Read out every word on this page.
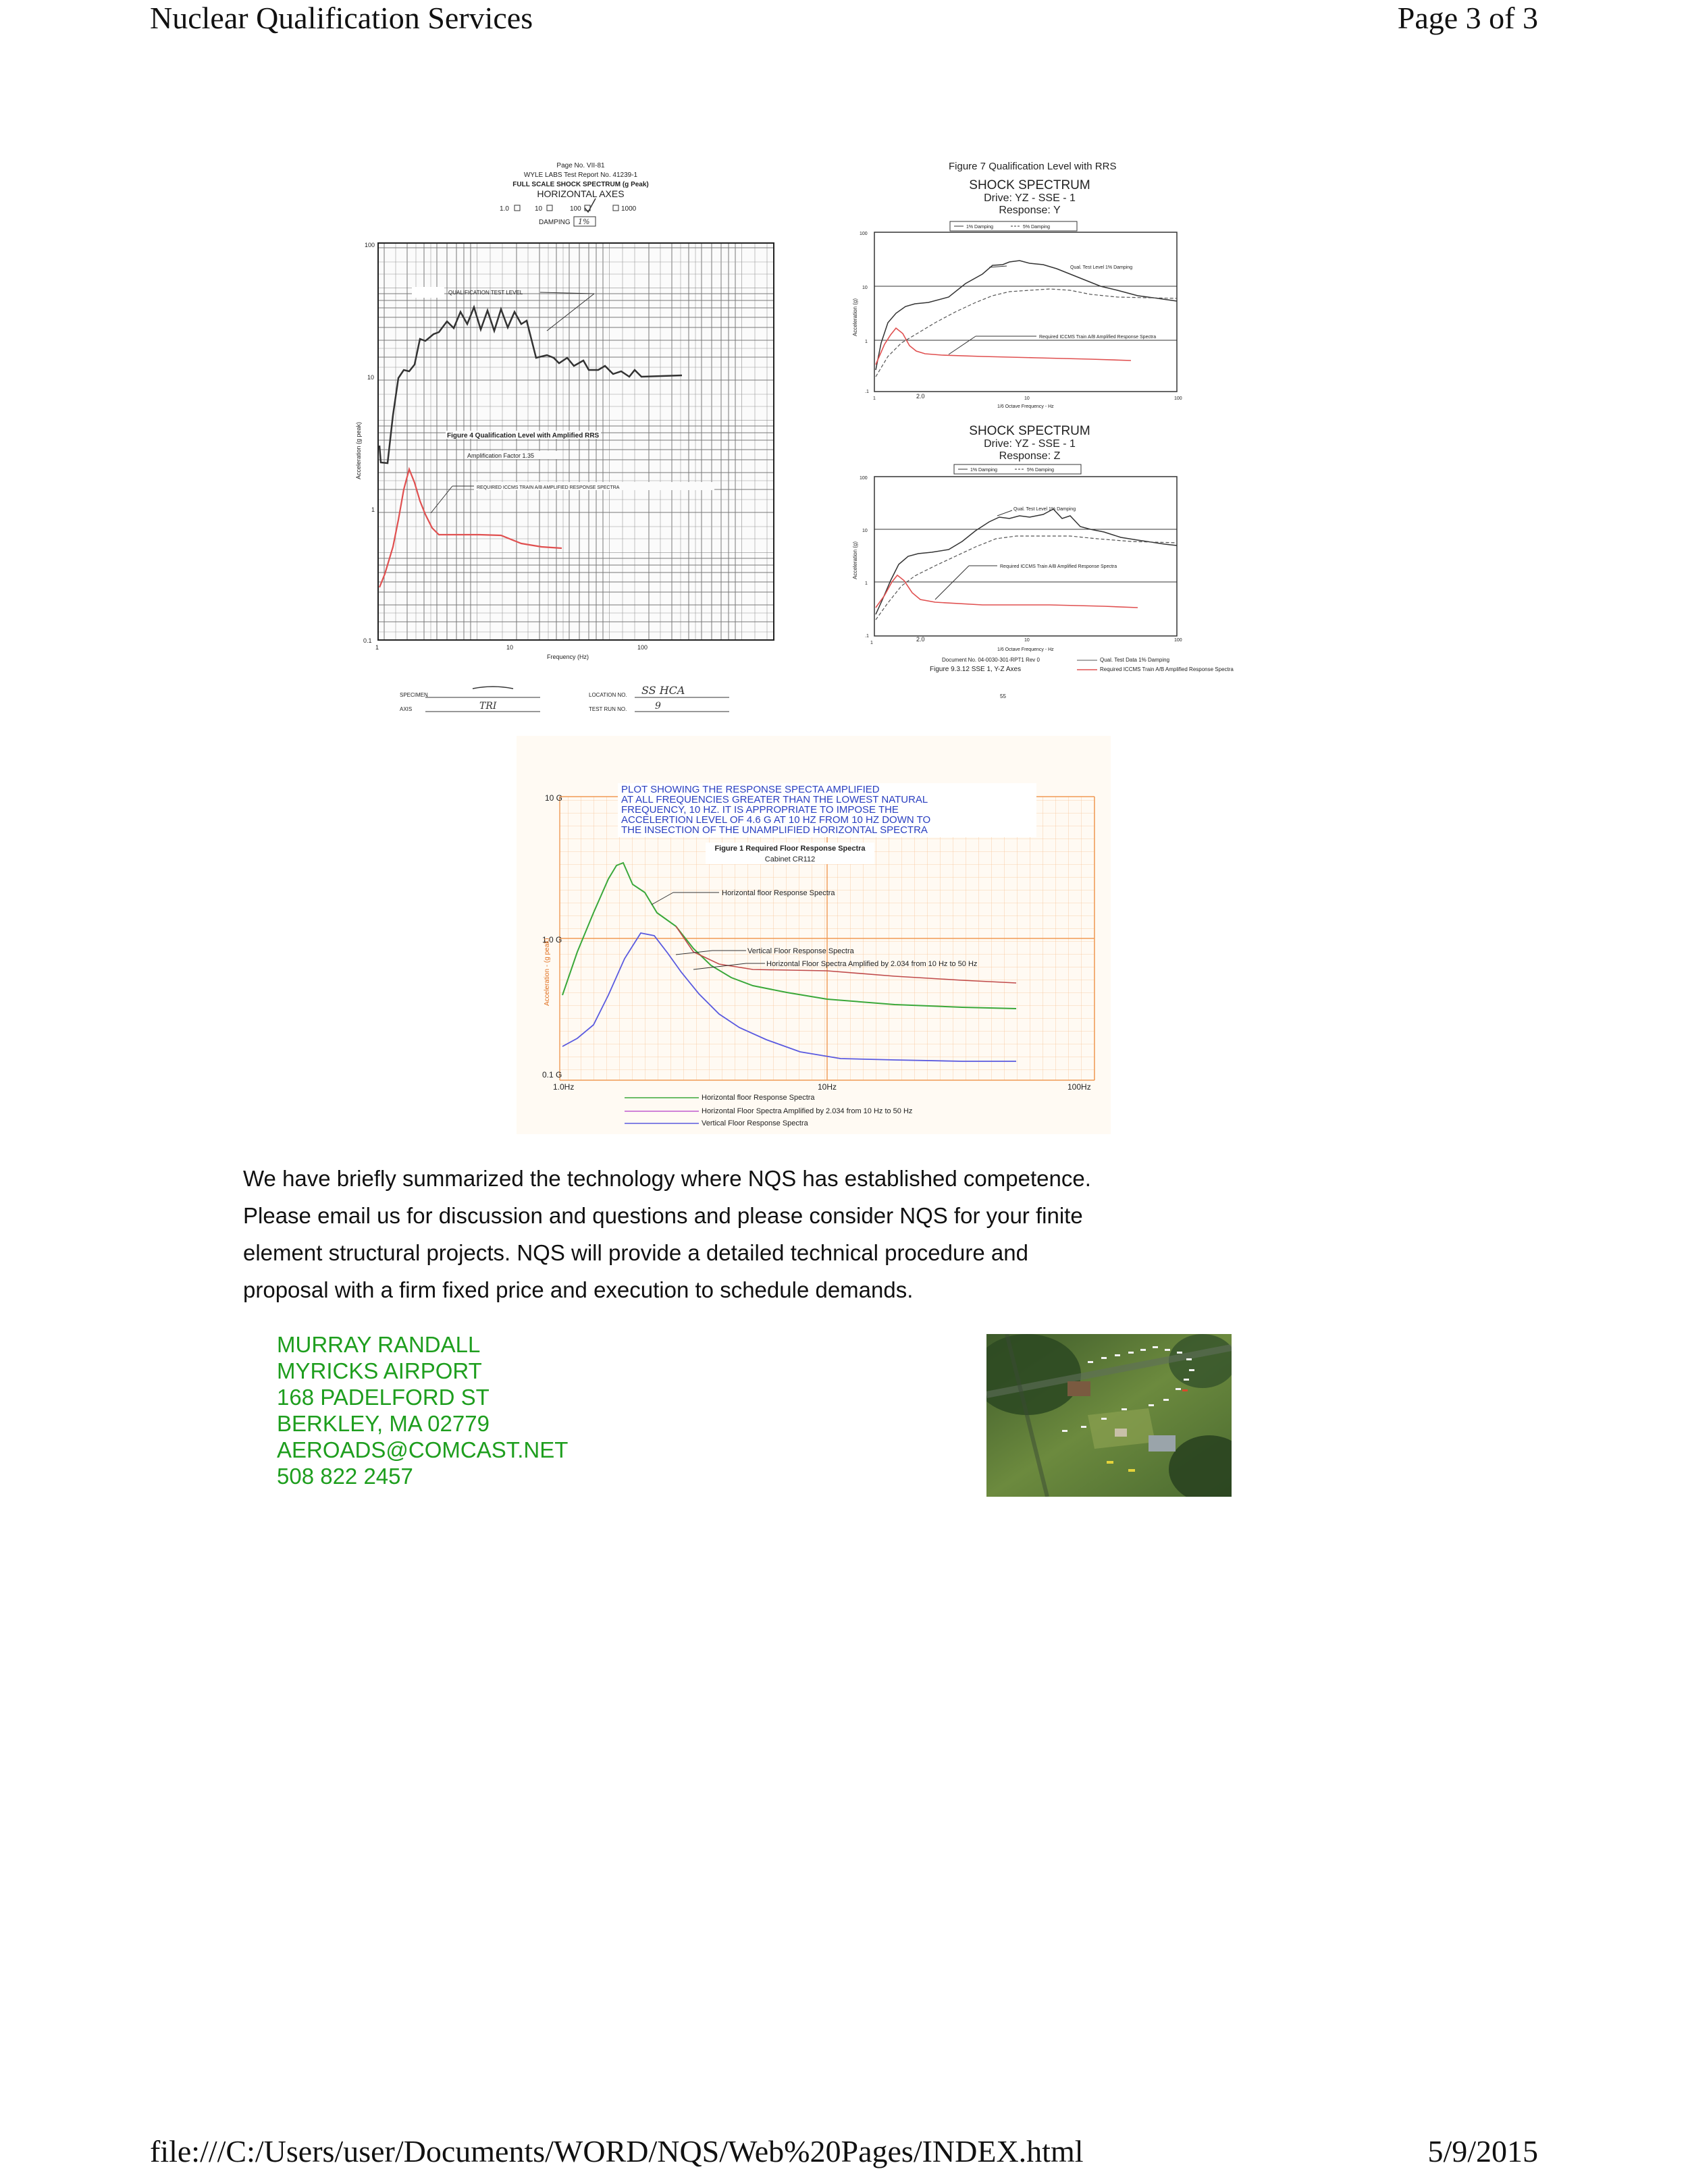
Nuclear Qualification Services	Page 3 of 3
file:///C:/Users/user/Documents/WORD/NQS/Web%20Pages/INDEX.html	5/9/2015
Page No. VII-81
WYLE LABS Test Report No. 41239-1
FULL SCALE SHOCK SPECTRUM (g Peak)
HORIZONTAL AXES
1.0	10	100	1000
DAMPING 1%
100
10
1
0.1
1	10	100
Frequency (Hz)
Acceleration (g peak)
QUALIFICATION TEST LEVEL
Figure 4 Qualification Level with Amplified RRS
Amplification Factor 1.35
REQUIRED ICCMS TRAIN A/B AMPLIFIED RESPONSE SPECTRA
SPECIMEN
AXIS	TRI
LOCATION NO. SS HCA
TEST RUN NO.	9
Figure 7 Qualification Level with RRS
SHOCK SPECTRUM
Drive: YZ - SSE - 1
Response: Y
1% Damping	5% Damping
100
10
1
.1
1	2.0	10	100
1/6 Octave Frequency - Hz
Acceleration (g)
Qual. Test Level 1% Damping
Required ICCMS Train A/B Amplified Response Spectra
SHOCK SPECTRUM
Drive: YZ - SSE - 1
Response: Z
1% Damping	5% Damping
100
10
1
.1
1
2.0	10	100
1/6 Octave Frequency - Hz
Acceleration (g)
Qual. Test Level 1% Damping
Required ICCMS Train A/B Amplified Response Spectra
Document No. 04-0030-301-RPT1 Rev 0
Figure 9.3.12 SSE 1, Y-Z Axes
55
Qual. Test Data 1% Damping
Required ICCMS Train A/B Amplified Response Spectra
PLOT SHOWING THE RESPONSE SPECTA AMPLIFIED
AT ALL FREQUENCIES GREATER THAN THE LOWEST NATURAL
FREQUENCY, 10 HZ. IT IS APPROPRIATE TO IMPOSE THE
ACCELERTION LEVEL OF 4.6 G AT 10 HZ FROM 10 HZ DOWN TO
THE INSECTION OF THE UNAMPLIFIED HORIZONTAL SPECTRA
Figure 1 Required Floor Response Spectra
Cabinet CR112
10 G
1.0 G
0.1 G
1.0Hz	10Hz	100Hz
Acceleration - (g peak)
Horizontal floor Response Spectra
Vertical Floor Response Spectra
Horizontal Floor Spectra Amplified by 2.034 from 10 Hz to 50 Hz
Horizontal floor Response Spectra
Horizontal Floor Spectra Amplified by 2.034 from 10 Hz to 50 Hz
Vertical Floor Response Spectra

We have briefly summarized the technology where NQS has established competence.

Please email us for discussion and questions and please consider NQS for your finite

element structural projects. NQS will provide a detailed technical procedure and

proposal with a firm fixed price and execution to schedule demands.

MURRAY RANDALL
MYRICKS AIRPORT
168 PADELFORD ST
BERKLEY, MA 02779
AEROADS@COMCAST.NET
508 822 2457
